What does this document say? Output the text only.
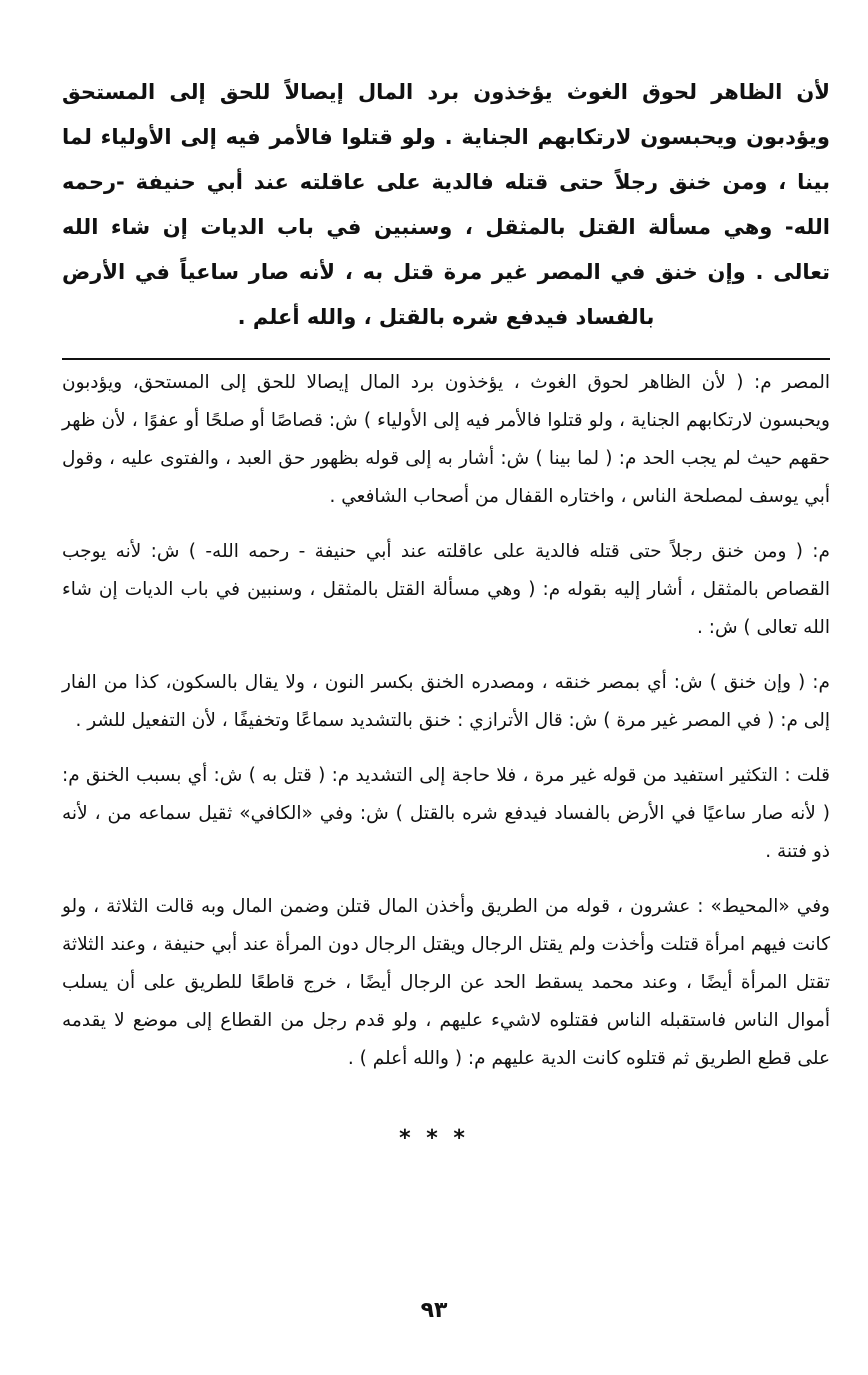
لأن الظاهر لحوق الغوث يؤخذون برد المال إيصالاً للحق إلى المستحق ويؤدبون ويحبسون لارتكابهم الجناية . ولو قتلوا فالأمر فيه إلى الأولياء لما بينا ، ومن خنق رجلاً حتى قتله فالدية على عاقلته عند أبي حنيفة -رحمه الله- وهي مسألة القتل بالمثقل ، وسنبين في باب الديات إن شاء الله تعالى . وإن خنق في المصر غير مرة قتل به ، لأنه صار ساعياً في الأرض بالفساد فيدفع شره بالقتل ، والله أعلم .

المصر م: ( لأن الظاهر لحوق الغوث ، يؤخذون برد المال إيصالا للحق إلى المستحق، ويؤدبون ويحبسون لارتكابهم الجناية ، ولو قتلوا فالأمر فيه إلى الأولياء ) ش: قصاصًا أو صلحًا أو عفوًا ، لأن ظهر حقهم حيث لم يجب الحد م: ( لما بينا ) ش: أشار به إلى قوله بظهور حق العبد ، والفتوى عليه ، وقول أبي يوسف لمصلحة الناس ، واختاره القفال من أصحاب الشافعي .

م: ( ومن خنق رجلاً حتى قتله فالدية على عاقلته عند أبي حنيفة - رحمه الله- ) ش: لأنه يوجب القصاص بالمثقل ، أشار إليه بقوله م: ( وهي مسألة القتل بالمثقل ، وسنبين في باب الديات إن شاء الله تعالى ) ش: .

م: ( وإن خنق ) ش: أي بمصر خنقه ، ومصدره الخنق بكسر النون ، ولا يقال بالسكون، كذا من الفار إلى م: ( في المصر غير مرة ) ش: قال الأترازي : خنق بالتشديد سماعًا وتخفيفًا ، لأن التفعيل للشر .

قلت : التكثير استفيد من قوله غير مرة ، فلا حاجة إلى التشديد م: ( قتل به ) ش: أي بسبب الخنق م: ( لأنه صار ساعيًا في الأرض بالفساد فيدفع شره بالقتل ) ش: وفي «الكافي» ثقيل سماعه من ، لأنه ذو فتنة .

وفي «المحيط» : عشرون ، قوله من الطريق وأخذن المال قتلن وضمن المال وبه قالت الثلاثة ، ولو كانت فيهم امرأة قتلت وأخذت ولم يقتل الرجال ويقتل الرجال دون المرأة عند أبي حنيفة ، وعند الثلاثة تقتل المرأة أيضًا ، وعند محمد يسقط الحد عن الرجال أيضًا ، خرج قاطعًا للطريق على أن يسلب أموال الناس فاستقبله الناس فقتلوه لاشيء عليهم ، ولو قدم رجل من القطاع إلى موضع لا يقدمه على قطع الطريق ثم قتلوه كانت الدية عليهم م: ( والله أعلم ) .

* * *
٩٣
